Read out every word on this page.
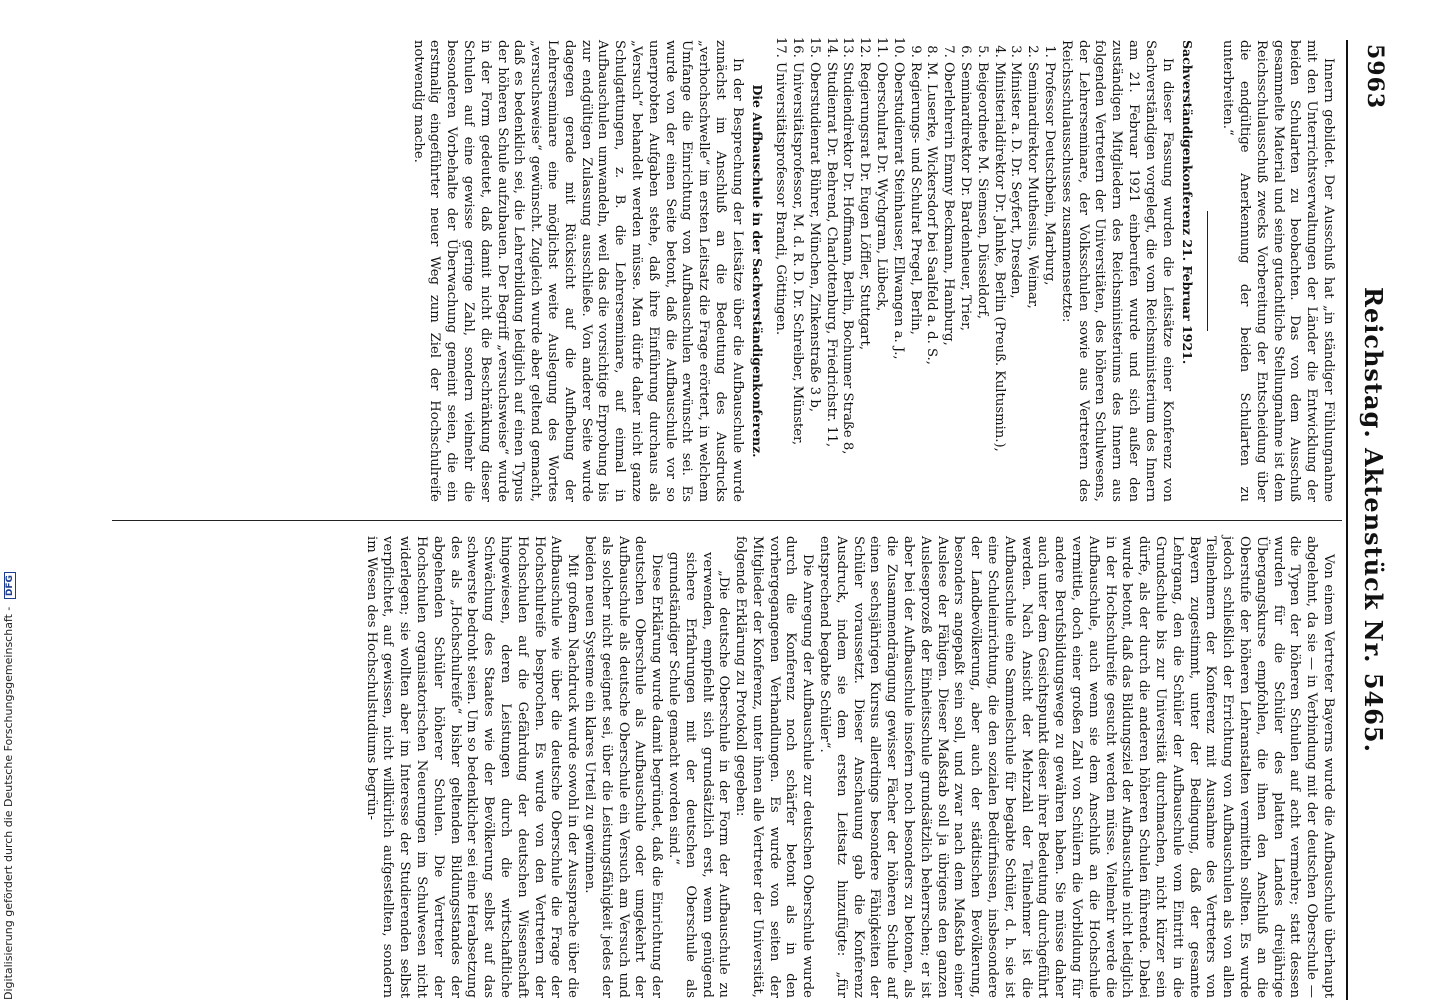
5963
Reichstag. Aktenstück Nr. 5465.

Innern gebildet. Der Ausschuß hat „in ständiger Fühlungnahme mit den Unterrichtsverwaltungen der Länder die Entwicklung der beiden Schularten zu beobachten. Das von dem Ausschuß gesammelte Material und seine gutachtliche Stellungnahme ist dem Reichsschulausschuß zwecks Vorbereitung der Entscheidung über die endgültige Anerkennung der beiden Schularten zu unterbreiten.“

Sachverständigenkonferenz 21. Februar 1921.

In dieser Fassung wurden die Leitsätze einer Konferenz von Sachverständigen vorgelegt, die vom Reichsministerium des Innern am 21. Februar 1921 einberufen wurde und sich außer den zuständigen Mitgliedern des Reichsministeriums des Innern aus folgenden Vertretern der Universitäten, des höheren Schulwesens, der Lehrerseminare, der Volksschulen sowie aus Vertretern des Reichsschulausschusses zusammensetzte:

1. Professor Deutschbein, Marburg,
2. Seminardirektor Muthesius, Weimar,
3. Minister a. D. Dr. Seyfert, Dresden,
4. Ministerialdirektor Dr. Jahnke, Berlin (Preuß. Kultusmin.),
5. Beigeordnete M. Siemsen, Düsseldorf,
6. Seminardirektor Dr. Bardenheuer, Trier,
7. Oberlehrerin Emmy Beckmann, Hamburg,
8. M. Luserke, Wickersdorf bei Saalfeld a. d. S.,
9. Regierungs- und Schulrat Pregel, Berlin,
10. Oberstudienrat Steinhauser, Ellwangen a. J.,
11. Oberschulrat Dr. Wychgram, Lübeck,
12. Regierungsrat Dr. Eugen Löffler, Stuttgart,
13. Studiendirektor Dr. Hoffmann, Berlin, Bochumer Straße 8,
14. Studienrat Dr. Behrend, Charlottenburg, Friedrichstr. 11,
15. Oberstudienrat Bührer, München, Zinkenstraße 3 b,
16. Universitätsprofessor, M. d. R. D. Dr. Schreiber, Münster,
17. Universitätsprofessor Brandi, Göttingen.

Die Aufbauschule in der Sachverständigenkonferenz.

In der Besprechung der Leitsätze über die Aufbauschule wurde zunächst im Anschluß an die Bedeutung des Ausdrucks „verhochschwelle“ im ersten Leitsatz die Frage erörtert, in welchem Umfange die Einrichtung von Aufbauschulen erwünscht sei. Es wurde von der einen Seite betont, daß die Aufbauschule vor so unerprobten Aufgaben stehe, daß ihre Einführung durchaus als „Versuch“ behandelt werden müsse. Man dürfe daher nicht ganze Schulgattungen, z. B. die Lehrerseminare, auf einmal in Aufbauschulen umwandeln, weil das die vorsichtige Erprobung bis zur endgültigen Zulassung ausschließe. Von anderer Seite wurde dagegen gerade mit Rücksicht auf die Aufhebung der Lehrerseminare eine möglichst weite Auslegung des Wortes „versuchsweise“ gewünscht. Zugleich wurde aber geltend gemacht, daß es bedenklich sei, die Lehrerbildung lediglich auf einen Typus der höheren Schule aufzubauen. Der Begriff „versuchsweise“ wurde in der Form gedeutet, daß damit nicht die Beschränkung dieser Schulen auf eine gewisse geringe Zahl, sondern vielmehr die besonderen Vorbehalte der Überwachung gemeint seien, die ein erstmalig eingeführter neuer Weg zum Ziel der Hochschulreife notwendig mache.

Von einem Vertreter Bayerns wurde die Aufbauschule überhaupt abgelehnt, da sie — in Verbindung mit der deutschen Oberschule — die Typen der höheren Schulen auf acht vermehre; statt dessen wurden für die Schüler des platten Landes dreijährige Übergangskurse empfohlen, die ihnen den Anschluß an die Oberstufe der höheren Lehranstalten vermitteln sollten. Es wurde jedoch schließlich der Errichtung von Aufbauschulen als von allen Teilnehmern der Konferenz mit Ausnahme des Vertreters von Bayern zugestimmt, unter der Bedingung, daß der gesamte Lehrgang, den die Schüler der Aufbauschule vom Eintritt in die Grundschule bis zur Universität durchmachen, nicht kürzer sein dürfe, als der durch die anderen höheren Schulen führende. Dabei wurde betont, daß das Bildungsziel der Aufbauschule nicht lediglich in der Hochschulreife gesucht werden müsse. Vielmehr werde die Aufbauschule, auch wenn sie dem Anschluß an die Hochschule vermittle, doch einer großen Zahl von Schülern die Vorbildung für andere Berufsbildungswege zu gewähren haben. Sie müsse daher auch unter dem Gesichtspunkt dieser ihrer Bedeutung durchgeführt werden. Nach Ansicht der Mehrzahl der Teilnehmer ist die Aufbauschule eine Sammelschule für begabte Schüler, d. h. sie ist eine Schuleinrichtung, die den sozialen Bedürfnissen, insbesondere der Landbevölkerung, aber auch der städtischen Bevölkerung, besonders angepaßt sein soll, und zwar nach dem Maßstab einer Auslese der Fähigen. Dieser Maßstab soll ja übrigens den ganzen Ausleseprozeß der Einheitsschule grundsätzlich beherrschen; er ist aber bei der Aufbauschule insofern noch besonders zu betonen, als die Zusammendrängung gewisser Fächer der höheren Schule auf einen sechsjährigen Kursus allerdings besondere Fähigkeiten der Schüler voraussetzt. Dieser Anschauung gab die Konferenz Ausdruck, indem sie dem ersten Leitsatz hinzufügte: „für entsprechend begabte Schüler“.

Die Anregung der Aufbauschule zur deutschen Oberschule wurde durch die Konferenz noch schärfer betont als in den vorhergegangenen Verhandlungen. Es wurde von seiten der Mitglieder der Konferenz, unter ihnen alle Vertreter der Universität, folgende Erklärung zu Protokoll gegeben:

„Die deutsche Oberschule in der Form der Aufbauschule zu verwenden, empfiehlt sich grundsätzlich erst, wenn genügend sichere Erfahrungen mit der deutschen Oberschule als grundständiger Schule gemacht worden sind.“

Diese Erklärung wurde damit begründet, daß die Einrichtung der deutschen Oberschule als Aufbauschule oder umgekehrt der Aufbauschule als deutsche Oberschule ein Versuch am Versuch und als solcher nicht geeignet sei, über die Leistungsfähigkeit jedes der beiden neuen Systeme ein klares Urteil zu gewinnen.

Mit großem Nachdruck wurde sowohl in der Aussprache über die Aufbauschule wie über die deutsche Oberschule die Frage der Hochschulreife besprochen. Es wurde von den Vertretern der Hochschulen auf die Gefährdung der deutschen Wissenschaft hingewiesen, deren Leistungen durch die wirtschaftliche Schwächung des Staates wie der Bevölkerung selbst auf das schwerste bedroht seien. Um so bedenklicher sei eine Herabsetzung des als „Hochschulreife“ bisher geltenden Bildungsstandes der abgehenden Schüler höherer Schulen. Die Vertreter der Hochschulen organisatorischen Neuerungen im Schulwesen nicht widerlegen; sie wollten aber im Interesse der Studierenden selbst verpflichtet, auf gewissen, nicht willkürlich aufgestellten, sondern im Wesen des Hochschulstudiums begrün-

Digitalisierung gefördert durch die Deutsche Forschungsgemeinschaft - DFG
